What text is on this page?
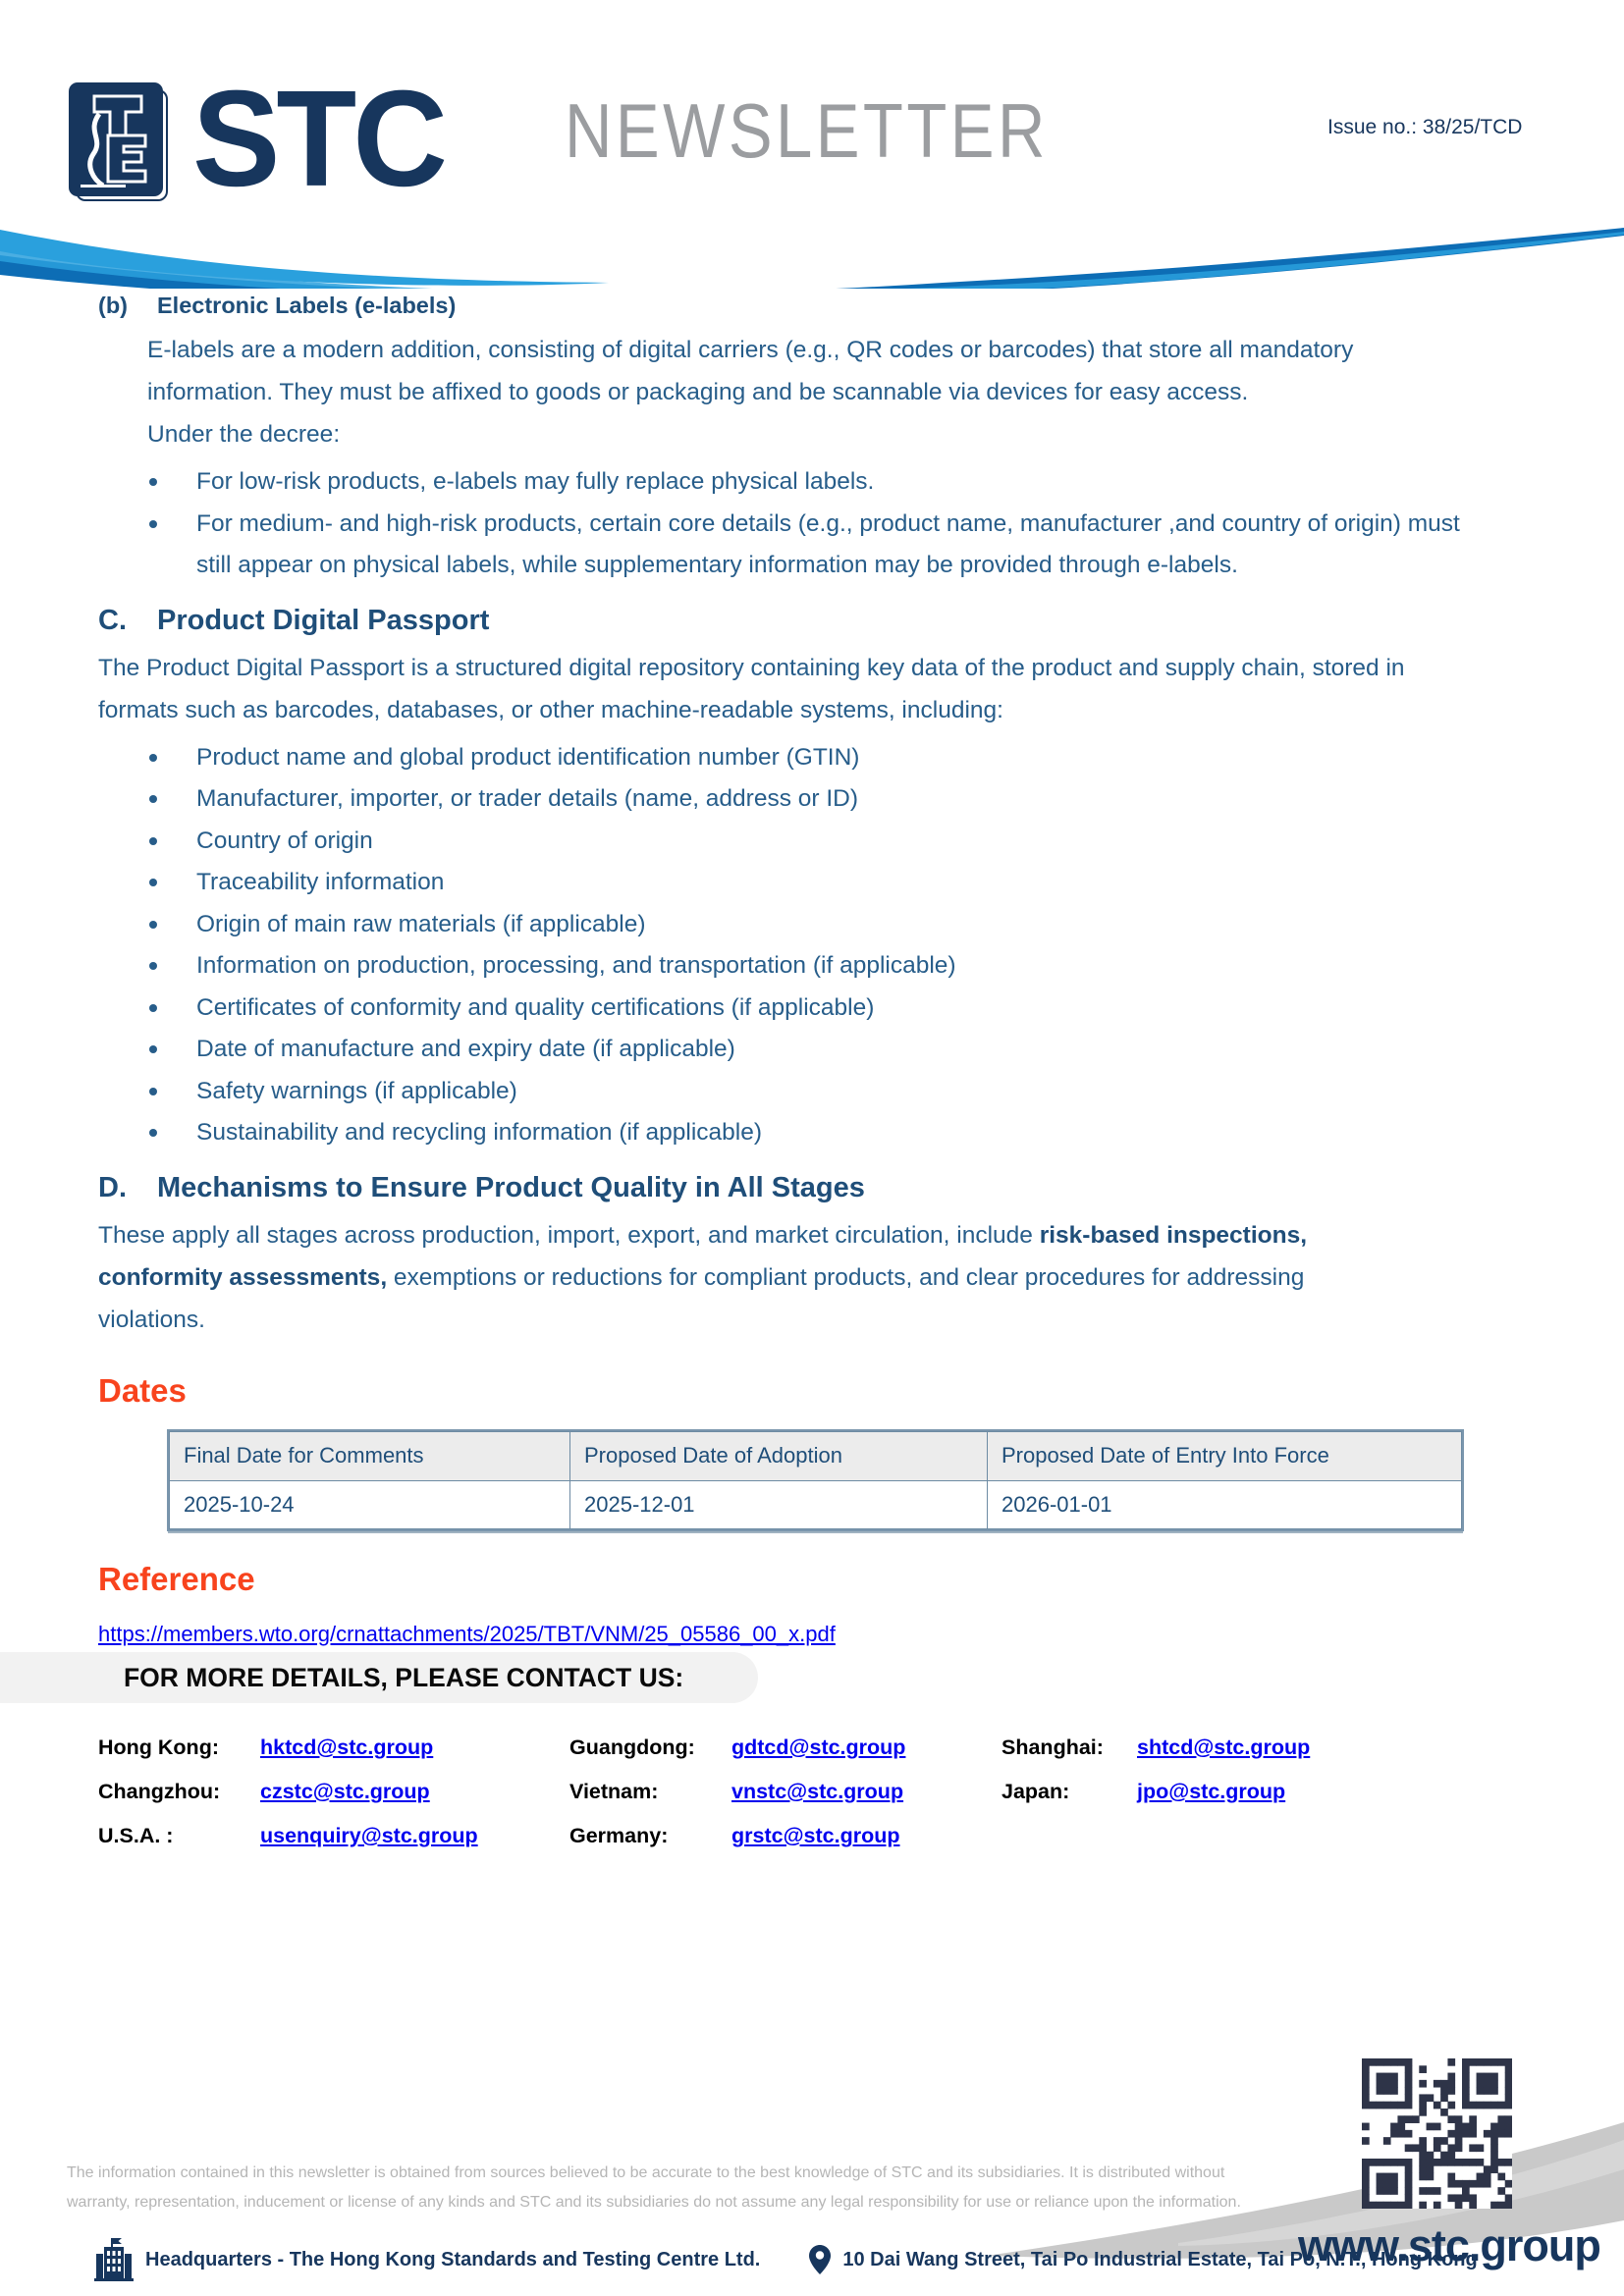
STC NEWSLETTER	Issue no.: 38/25/TCD
(b) Electronic Labels (e-labels)
E-labels are a modern addition, consisting of digital carriers (e.g., QR codes or barcodes) that store all mandatory information. They must be affixed to goods or packaging and be scannable via devices for easy access.
Under the decree:
For low-risk products, e-labels may fully replace physical labels.
For medium- and high-risk products, certain core details (e.g., product name, manufacturer ,and country of origin) must still appear on physical labels, while supplementary information may be provided through e-labels.
C. Product Digital Passport
The Product Digital Passport is a structured digital repository containing key data of the product and supply chain, stored in formats such as barcodes, databases, or other machine-readable systems, including:
Product name and global product identification number (GTIN)
Manufacturer, importer, or trader details (name, address or ID)
Country of origin
Traceability information
Origin of main raw materials (if applicable)
Information on production, processing, and transportation (if applicable)
Certificates of conformity and quality certifications (if applicable)
Date of manufacture and expiry date (if applicable)
Safety warnings (if applicable)
Sustainability and recycling information (if applicable)
D. Mechanisms to Ensure Product Quality in All Stages
These apply all stages across production, import, export, and market circulation, include risk-based inspections, conformity assessments, exemptions or reductions for compliant products, and clear procedures for addressing violations.
Dates
Final Date for Comments	Proposed Date of Adoption	Proposed Date of Entry Into Force
2025-10-24	2025-12-01	2026-01-01
Reference
https://members.wto.org/crnattachments/2025/TBT/VNM/25_05586_00_x.pdf
FOR MORE DETAILS, PLEASE CONTACT US:
Hong Kong:	hktcd@stc.group	Guangdong:	gdtcd@stc.group	Shanghai:	shtcd@stc.group
Changzhou:	czstc@stc.group	Vietnam:	vnstc@stc.group	Japan:	jpo@stc.group
U.S.A. :	usenquiry@stc.group	Germany:	grstc@stc.group
The information contained in this newsletter is obtained from sources believed to be accurate to the best knowledge of STC and its subsidiaries. It is distributed without warranty, representation, inducement or license of any kinds and STC and its subsidiaries do not assume any legal responsibility for use or reliance upon the information.
Headquarters - The Hong Kong Standards and Testing Centre Ltd.	10 Dai Wang Street, Tai Po Industrial Estate, Tai Po, N.T., Hong Kong
www.stc.group
